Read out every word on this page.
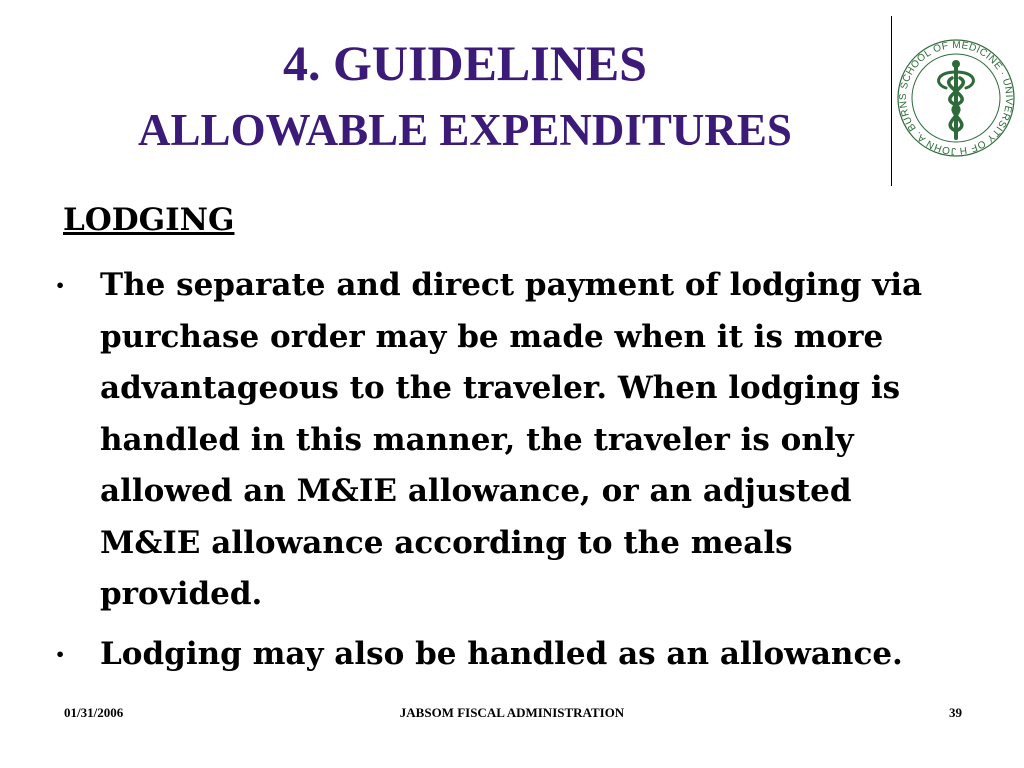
4. GUIDELINES
ALLOWABLE EXPENDITURES	JOHN A. BURNS SCHOOL OF MEDICINE · UNIVERSITY OF H
LODGING
• The separate and direct payment of lodging via purchase order may be made when it is more advantageous to the traveler. When lodging is handled in this manner, the traveler is only allowed an M&IE allowance, or an adjusted M&IE allowance according to the meals provided.
• Lodging may also be handled as an allowance.
01/31/2006	JABSOM FISCAL ADMINISTRATION	39
